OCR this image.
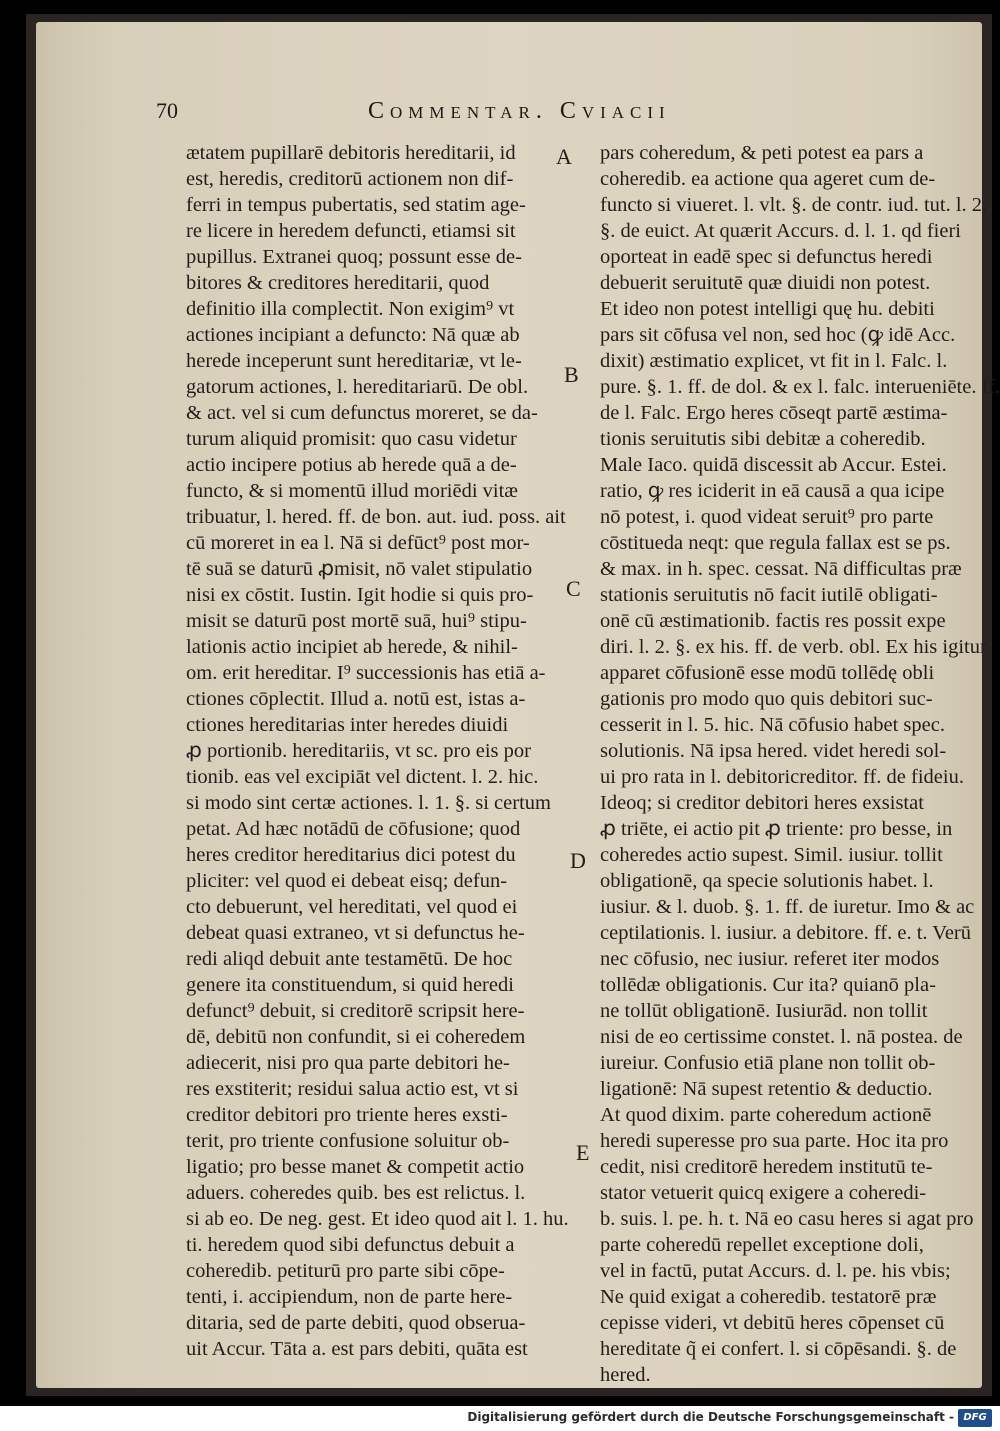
70	Commentar. Cviacii
ætatem pupillarē debitoris hereditarii, id
est, heredis, creditorū actionem non dif-
ferri in tempus pubertatis, sed statim age-
re licere in heredem defuncti, etiamsi sit
pupillus. Extranei quoq; possunt esse de-
bitores & creditores hereditarii, quod
definitio illa complectit. Non exigim⁹ vt
actiones incipiant a defuncto: Nā quæ ab
herede inceperunt sunt hereditariæ, vt le-
gatorum actiones, l. hereditariarū. De obl.
& act. vel si cum defunctus moreret, se da-
turum aliquid promisit: quo casu videtur
actio incipere potius ab herede quā a de-
functo, & si momentū illud moriēdi vitæ
tribuatur, l. hered. ff. de bon. aut. iud. poss. ait
cū moreret in ea l. Nā si defūct⁹ post mor-
tē suā se daturū ꝓmisit, nō valet stipulatio
nisi ex cōstit. Iustin. Igit hodie si quis pro-
misit se daturū post mortē suā, hui⁹ stipu-
lationis actio incipiet ab herede, & nihil-
om. erit hereditar. I⁹ successionis has etiā a-
ctiones cōplectit. Illud a. notū est, istas a-
ctiones hereditarias inter heredes diuidi
ꝓ portionib. hereditariis, vt sc. pro eis por
tionib. eas vel excipiāt vel dictent. l. 2. hic.
si modo sint certæ actiones. l. 1. §. si certum
petat. Ad hæc notādū de cōfusione; quod
heres creditor hereditarius dici potest du
pliciter: vel quod ei debeat eisq; defun-
cto debuerunt, vel hereditati, vel quod ei
debeat quasi extraneo, vt si defunctus he-
redi aliqd debuit ante testamētū. De hoc
genere ita constituendum, si quid heredi
defunct⁹ debuit, si creditorē scripsit here-
dē, debitū non confundit, si ei coheredem
adiecerit, nisi pro qua parte debitori he-
res exstiterit; residui salua actio est, vt si
creditor debitori pro triente heres exsti-
terit, pro triente confusione soluitur ob-
ligatio; pro besse manet & competit actio
aduers. coheredes quib. bes est relictus. l.
si ab eo. De neg. gest. Et ideo quod ait l. 1. hu.
ti. heredem quod sibi defunctus debuit a
coheredib. petiturū pro parte sibi cōpe-
tenti, i. accipiendum, non de parte here-
ditaria, sed de parte debiti, quod obserua-
uit Accur. Tāta a. est pars debiti, quāta est
pars coheredum, & peti potest ea pars a
coheredib. ea actione qua ageret cum de-
functo si viueret. l. vlt. §. de contr. iud. tut. l. 2.
§. de euict. At quærit Accurs. d. l. 1. qd fieri
oporteat in eadē spec si defunctus heredi
debuerit seruitutē quæ diuidi non potest.
Et ideo non potest intelligi quę hu. debiti
pars sit cōfusa vel non, sed hoc (ꝙ idē Acc.
dixit) æstimatio explicet, vt fit in l. Falc. l.
pure. §. 1. ff. de dol. & ex l. falc. interueniēte. ff.
de l. Falc. Ergo heres cōseqt partē æstima-
tionis seruitutis sibi debitæ a coheredib.
Male Iaco. quidā discessit ab Accur. Estei.
ratio, ꝙ res iciderit in eā causā a qua icipe
nō potest, i. quod videat seruit⁹ pro parte
cōstitueda neqt: que regula fallax est se ps.
& max. in h. spec. cessat. Nā difficultas præ
stationis seruitutis nō facit iutilē obligati-
onē cū æstimationib. factis res possit expe
diri. l. 2. §. ex his. ff. de verb. obl. Ex his igitur
apparet cōfusionē esse modū tollēdę obli
gationis pro modo quo quis debitori suc-
cesserit in l. 5. hic. Nā cōfusio habet spec.
solutionis. Nā ipsa hered. videt heredi sol-
ui pro rata in l. debitoricreditor. ff. de fideiu.
Ideoq; si creditor debitori heres exsistat
ꝓ triēte, ei actio pit ꝓ triente: pro besse, in
coheredes actio supest. Simil. iusiur. tollit
obligationē, qa specie solutionis habet. l.
iusiur. & l. duob. §. 1. ff. de iuretur. Imo & ac
ceptilationis. l. iusiur. a debitore. ff. e. t. Verū
nec cōfusio, nec iusiur. referet iter modos
tollēdæ obligationis. Cur ita? quianō pla-
ne tollūt obligationē. Iusiurād. non tollit
nisi de eo certissime constet. l. nā postea. de
iureiur. Confusio etiā plane non tollit ob-
ligationē: Nā supest retentio & deductio.
At quod dixim. parte coheredum actionē
heredi superesse pro sua parte. Hoc ita pro
cedit, nisi creditorē heredem institutū te-
stator vetuerit quicq exigere a coheredi-
b. suis. l. pe. h. t. Nā eo casu heres si agat pro
parte coheredū repellet exceptione doli,
vel in factū, putat Accurs. d. l. pe. his vbis;
Ne quid exigat a coheredib. testatorē præ
cepisse videri, vt debitū heres cōpenset cū
hereditate q̃ ei confert. l. si cōpēsandi. §. de
hered.
A
B
C
D
E
Digitalisierung gefördert durch die Deutsche Forschungsgemeinschaft - DFG
